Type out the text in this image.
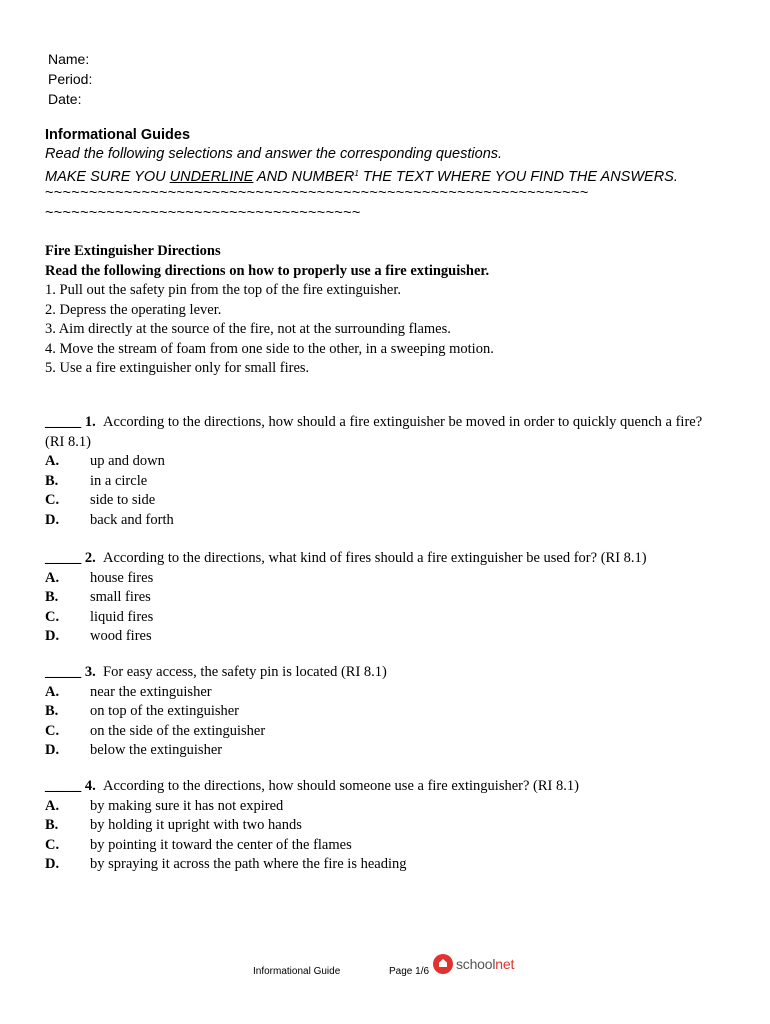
Name:
Period:
Date:
Informational Guides
Read the following selections and answer the corresponding questions.
MAKE SURE YOU UNDERLINE AND NUMBER$^1$ THE TEXT WHERE YOU FIND THE ANSWERS.
~~~~~~~~~~~~~~~~~~~~~~~~~~~~~~~~~~~~~~~~~~~~~~~~~~~~~~~~~~~~~~
~~~~~~~~~~~~~~~~~~~~~~~~~~~~~~~~~~~~
Fire Extinguisher Directions
Read the following directions on how to properly use a fire extinguisher.
1. Pull out the safety pin from the top of the fire extinguisher.
2. Depress the operating lever.
3. Aim directly at the source of the fire, not at the surrounding flames.
4. Move the stream of foam from one side to the other, in a sweeping motion.
5. Use a fire extinguisher only for small fires.

_____ 1. According to the directions, how should a fire extinguisher be moved in order to quickly quench a fire? (RI 8.1)

A.	up and down
B.	in a circle
C.	side to side
D.	back and forth

_____ 2. According to the directions, what kind of fires should a fire extinguisher be used for? (RI 8.1)

A.	house fires
B.	small fires
C.	liquid fires
D.	wood fires

_____ 3. For easy access, the safety pin is located (RI 8.1)

A.	near the extinguisher
B.	on top of the extinguisher
C.	on the side of the extinguisher
D.	below the extinguisher

_____ 4. According to the directions, how should someone use a fire extinguisher? (RI 8.1)

A.	by making sure it has not expired
B.	by holding it upright with two hands
C.	by pointing it toward the center of the flames
D.	by spraying it across the path where the fire is heading
Informational Guide	Page 1/6 schoolnet
